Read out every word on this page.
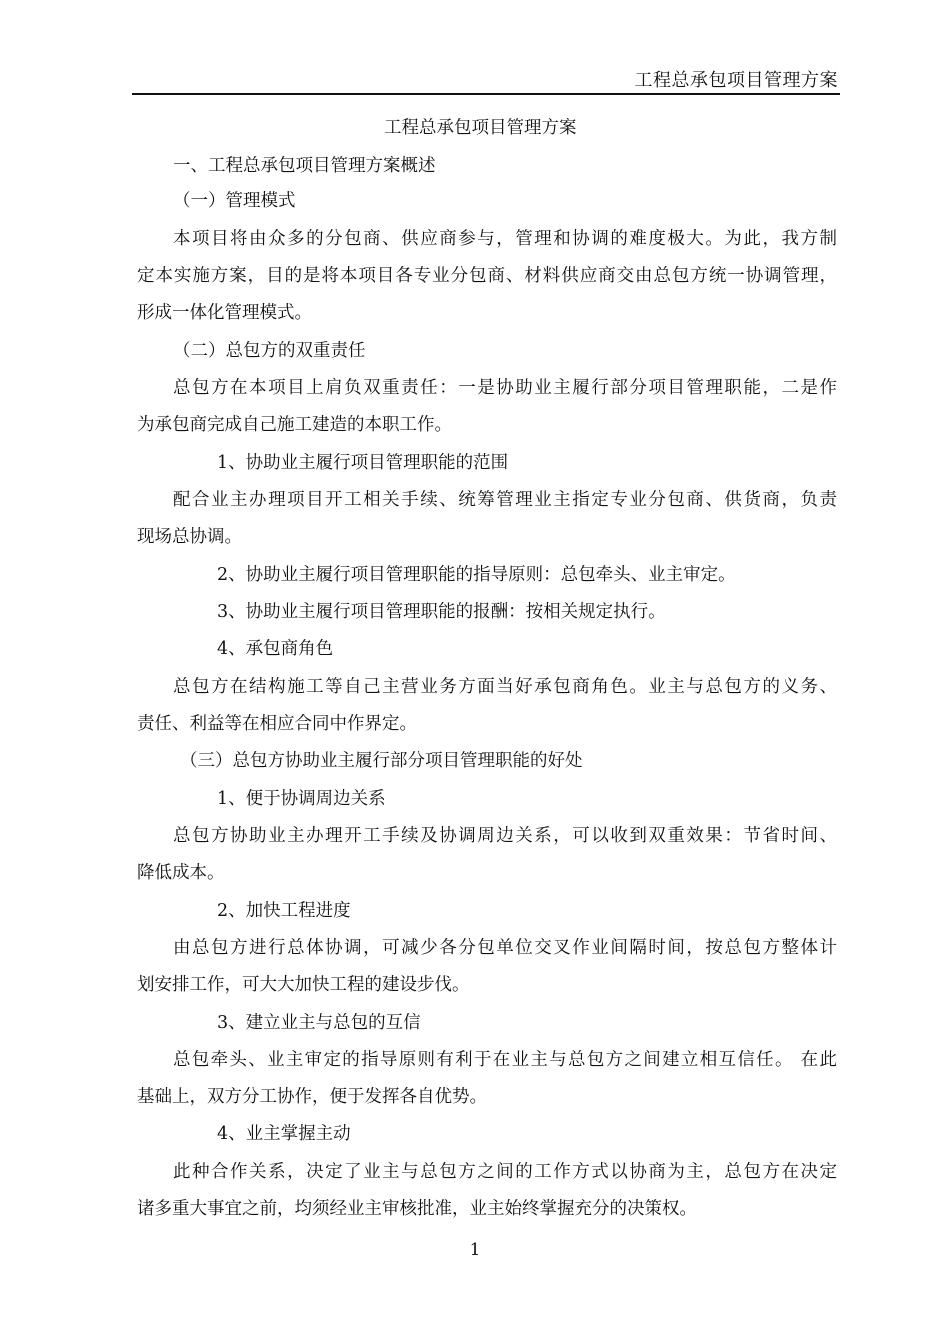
工程总承包项目管理方案
工程总承包项目管理方案
一、工程总承包项目管理方案概述
（一）管理模式
本项目将由众多的分包商、供应商参与，管理和协调的难度极大。为此，我方制
定本实施方案，目的是将本项目各专业分包商、材料供应商交由总包方统一协调管理，
形成一体化管理模式。
（二）总包方的双重责任
总包方在本项目上肩负双重责任：一是协助业主履行部分项目管理职能，二是作
为承包商完成自己施工建造的本职工作。
1、协助业主履行项目管理职能的范围
配合业主办理项目开工相关手续、统筹管理业主指定专业分包商、供货商，负责
现场总协调。
2、协助业主履行项目管理职能的指导原则：总包牵头、业主审定。
3、协助业主履行项目管理职能的报酬：按相关规定执行。
4、承包商角色
总包方在结构施工等自己主营业务方面当好承包商角色。业主与总包方的义务、
责任、利益等在相应合同中作界定。
（三）总包方协助业主履行部分项目管理职能的好处
1、便于协调周边关系
总包方协助业主办理开工手续及协调周边关系，可以收到双重效果：节省时间、
降低成本。
2、加快工程进度
由总包方进行总体协调，可减少各分包单位交叉作业间隔时间，按总包方整体计
划安排工作，可大大加快工程的建设步伐。
3、建立业主与总包的互信
总包牵头、业主审定的指导原则有利于在业主与总包方之间建立相互信任。 在此
基础上，双方分工协作，便于发挥各自优势。
4、业主掌握主动
此种合作关系，决定了业主与总包方之间的工作方式以协商为主，总包方在决定
诸多重大事宜之前，均须经业主审核批准，业主始终掌握充分的决策权。
1
